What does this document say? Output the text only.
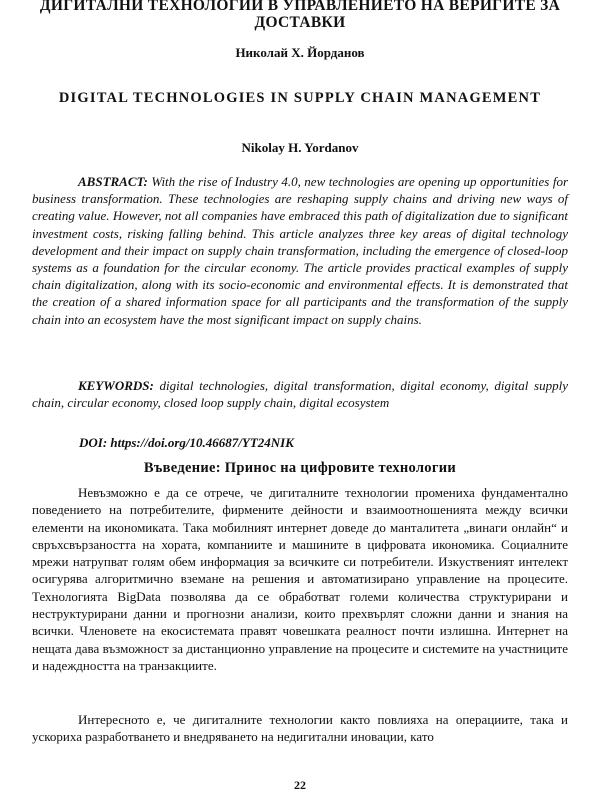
ДИГИТАЛНИ ТЕХНОЛОГИИ В УПРАВЛЕНИЕТО НА ВЕРИГИТЕ ЗА ДОСТАВКИ
Николай Х. Йорданов
DIGITAL TECHNOLOGIES IN SUPPLY CHAIN MANAGEMENT
Nikolay H. Yordanov
ABSTRACT: With the rise of Industry 4.0, new technologies are opening up opportunities for business transformation. These technologies are reshaping supply chains and driving new ways of creating value. However, not all companies have embraced this path of digitalization due to significant investment costs, risking falling behind. This article analyzes three key areas of digital technology development and their impact on supply chain transformation, including the emergence of closed-loop systems as a foundation for the circular economy. The article provides practical examples of supply chain digitalization, along with its socio-economic and environmental effects. It is demonstrated that the creation of a shared information space for all participants and the transformation of the supply chain into an ecosystem have the most significant impact on supply chains.
KEYWORDS: digital technologies, digital transformation, digital economy, digital supply chain, circular economy, closed loop supply chain, digital ecosystem
DOI: https://doi.org/10.46687/YT24NIK
Въведение: Принос на цифровите технологии
Невъзможно е да се отрече, че дигиталните технологии промениха фундаментално поведението на потребителите, фирмените дейности и взаимоотношенията между всички елементи на икономиката. Така мобилният интернет доведе до манталитета „винаги онлайн“ и свръхсвързаността на хората, компаниите и машините в цифровата икономика. Социалните мрежи натрупват голям обем информация за всичките си потребители. Изкуственият интелект осигурява алгоритмично вземане на решения и автоматизирано управление на процесите. Технологията BigData позволява да се обработват големи количества структурирани и неструктурирани данни и прогнозни анализи, които прехвърлят сложни данни и знания на всички. Членовете на екосистемата правят човешката реалност почти излишна. Интернет на нещата дава възможност за дистанционно управление на процесите и системите на участниците и надеждността на транзакциите.
Интересното е, че дигиталните технологии както повлияха на операциите, така и ускориха разработването и внедряването на недигитални иновации, като
22
